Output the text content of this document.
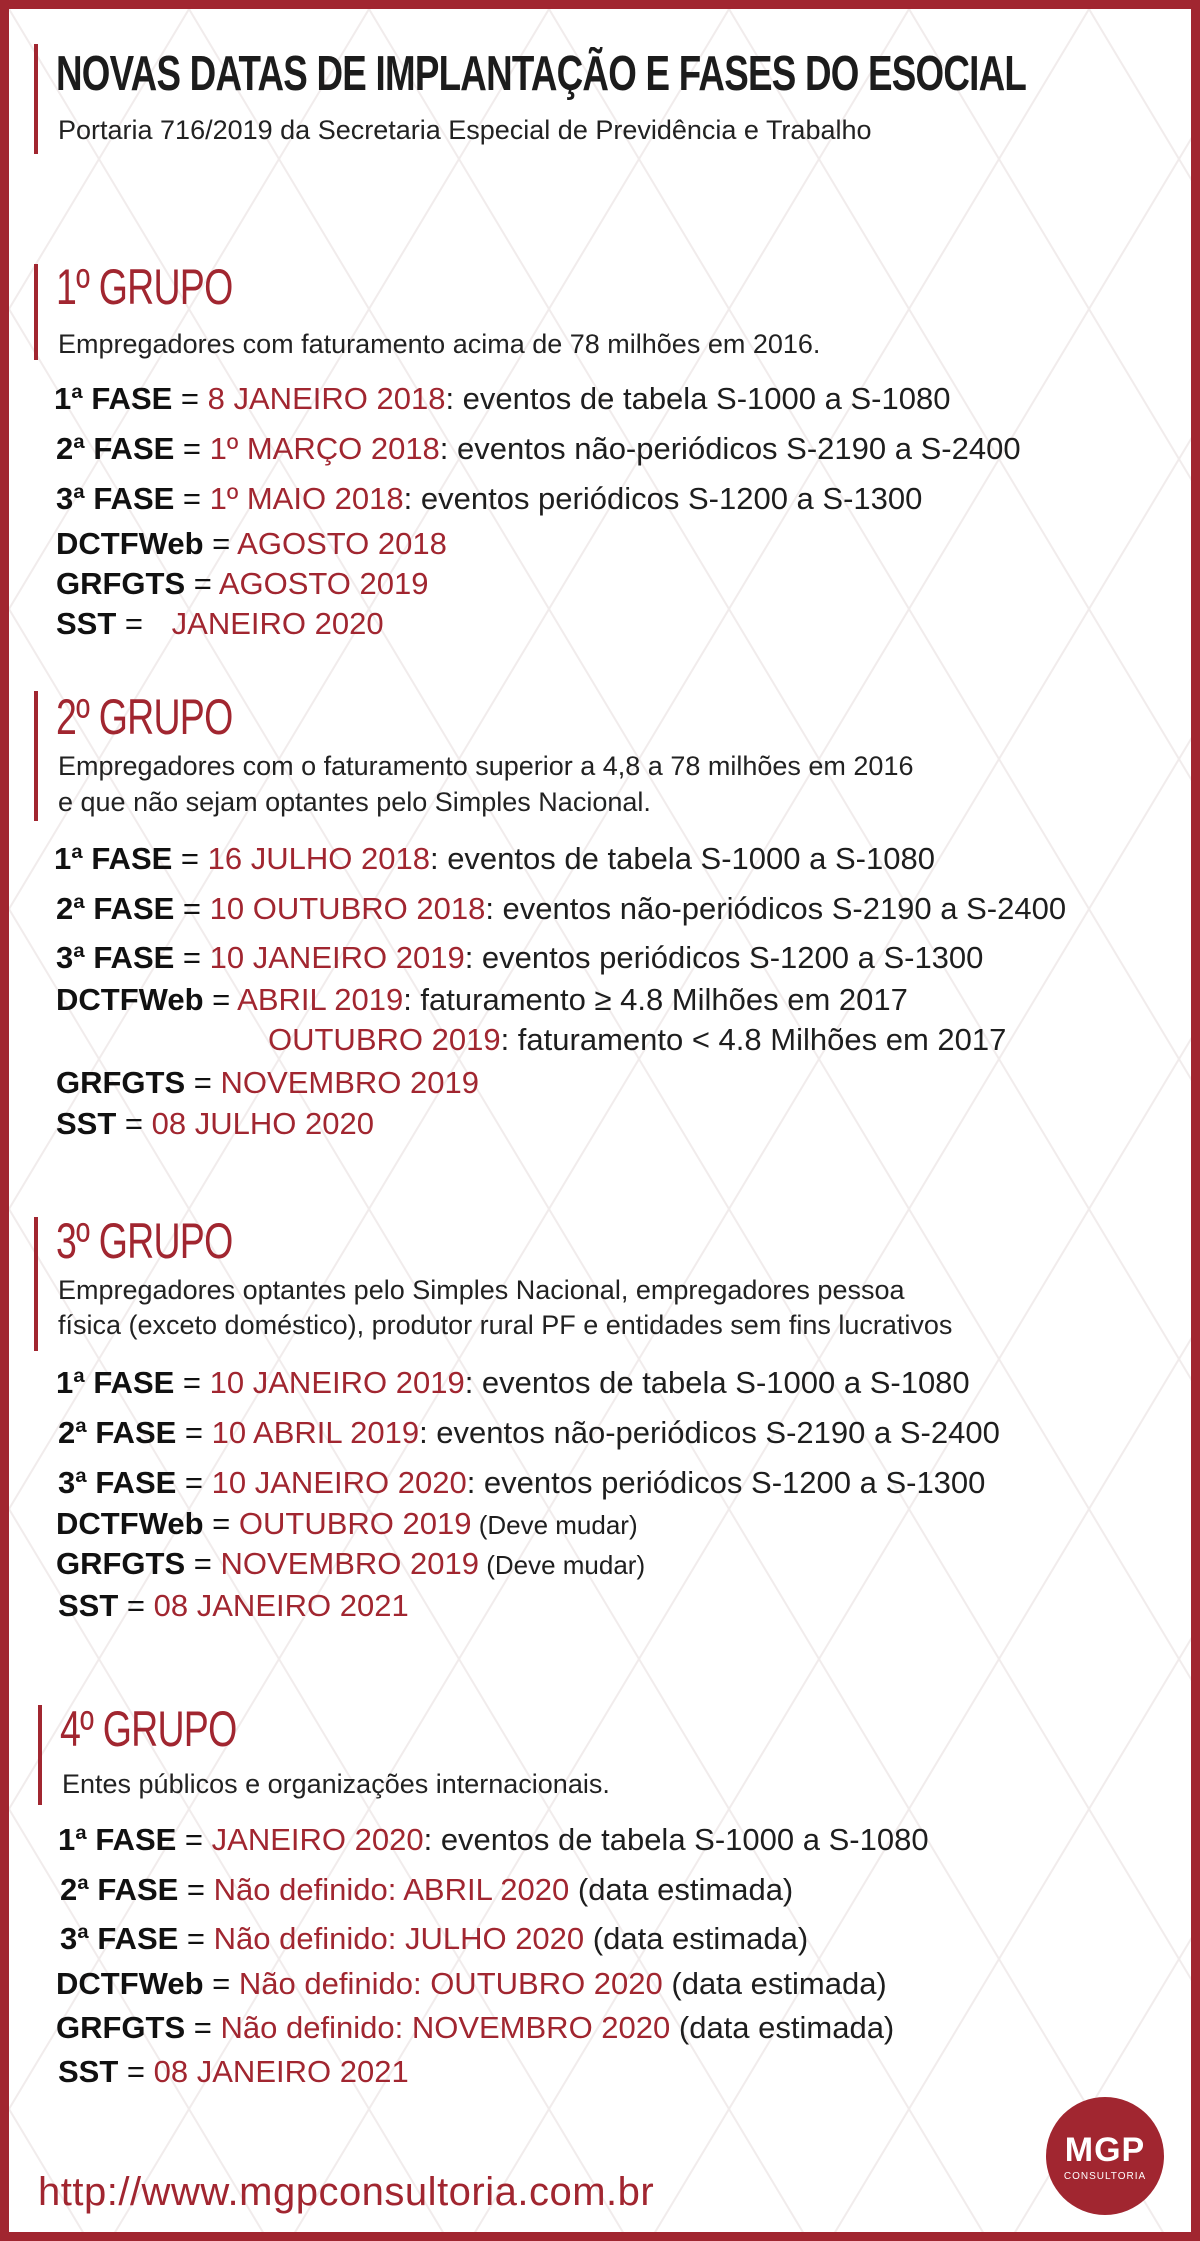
NOVAS DATAS DE IMPLANTAÇÃO E FASES DO ESOCIAL
Portaria 716/2019 da Secretaria Especial de Previdência e Trabalho
1º GRUPO
Empregadores com faturamento acima de 78 milhões em 2016.
1ª FASE = 8 JANEIRO 2018: eventos de tabela S-1000 a S-1080
2ª FASE = 1º MARÇO 2018: eventos não-periódicos S-2190 a S-2400
3ª FASE = 1º MAIO 2018: eventos periódicos S-1200 a S-1300
DCTFWeb = AGOSTO 2018
GRFGTS = AGOSTO 2019
SST = JANEIRO 2020
2º GRUPO
Empregadores com o faturamento superior a 4,8 a 78 milhões em 2016
e que não sejam optantes pelo Simples Nacional.
1ª FASE = 16 JULHO 2018: eventos de tabela S-1000 a S-1080
2ª FASE = 10 OUTUBRO 2018: eventos não-periódicos S-2190 a S-2400
3ª FASE = 10 JANEIRO 2019: eventos periódicos S-1200 a S-1300
DCTFWeb = ABRIL 2019: faturamento ≥ 4.8 Milhões em 2017
OUTUBRO 2019: faturamento < 4.8 Milhões em 2017
GRFGTS = NOVEMBRO 2019
SST = 08 JULHO 2020
3º GRUPO
Empregadores optantes pelo Simples Nacional, empregadores pessoa
física (exceto doméstico), produtor rural PF e entidades sem fins lucrativos
1ª FASE = 10 JANEIRO 2019: eventos de tabela S-1000 a S-1080
2ª FASE = 10 ABRIL 2019: eventos não-periódicos S-2190 a S-2400
3ª FASE = 10 JANEIRO 2020: eventos periódicos S-1200 a S-1300
DCTFWeb = OUTUBRO 2019 (Deve mudar)
GRFGTS = NOVEMBRO 2019 (Deve mudar)
SST = 08 JANEIRO 2021
4º GRUPO
Entes públicos e organizações internacionais.
1ª FASE = JANEIRO 2020: eventos de tabela S-1000 a S-1080
2ª FASE = Não definido: ABRIL 2020 (data estimada)
3ª FASE = Não definido: JULHO 2020 (data estimada)
DCTFWeb = Não definido: OUTUBRO 2020 (data estimada)
GRFGTS = Não definido: NOVEMBRO 2020 (data estimada)
SST = 08 JANEIRO 2021
http://www.mgpconsultoria.com.br
MGP
CONSULTORIA
